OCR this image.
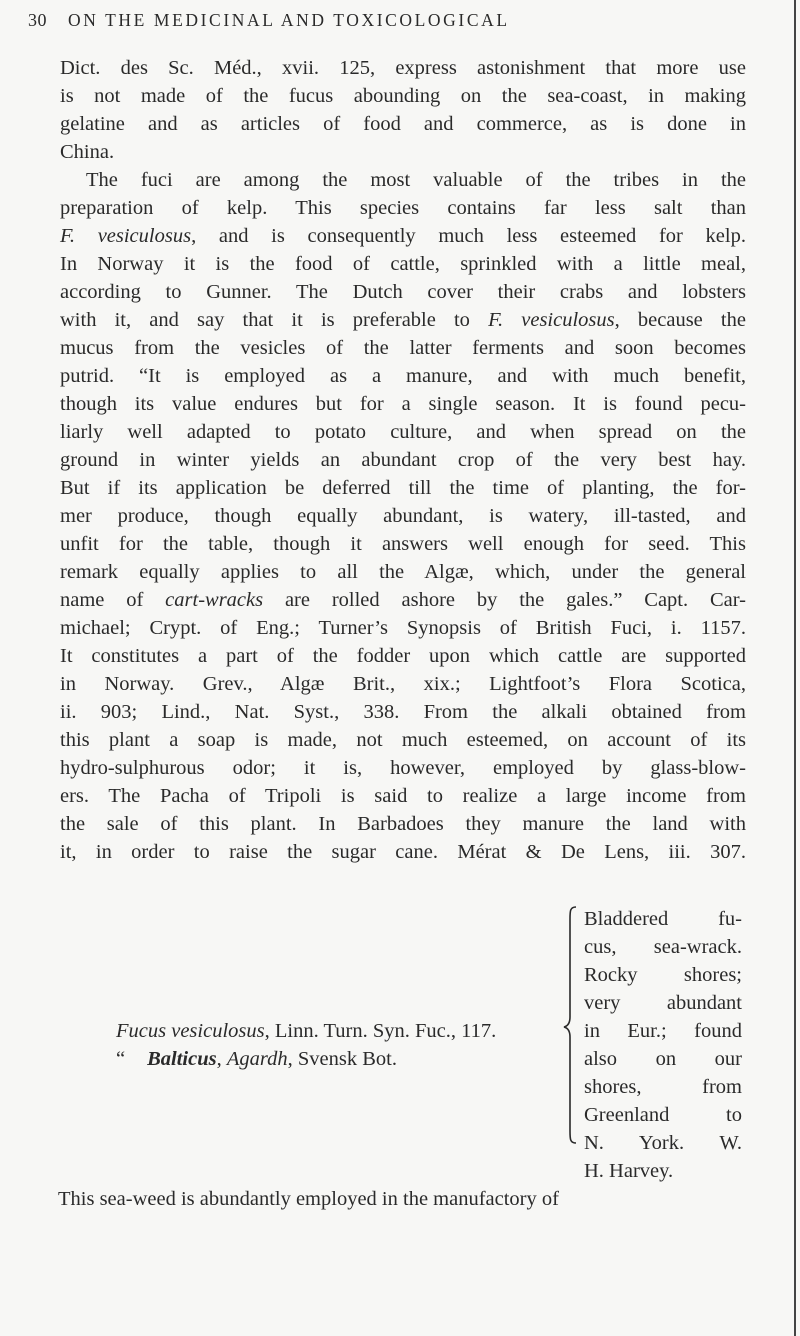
30 ON THE MEDICINAL AND TOXICOLOGICAL
Dict. des Sc. Méd., xvii. 125, express astonishment that more use
is not made of the fucus abounding on the sea-coast, in making
gelatine and as articles of food and commerce, as is done in
China.
The fuci are among the most valuable of the tribes in the
preparation of kelp. This species contains far less salt than
F. vesiculosus, and is consequently much less esteemed for kelp.
In Norway it is the food of cattle, sprinkled with a little meal,
according to Gunner. The Dutch cover their crabs and lobsters
with it, and say that it is preferable to F. vesiculosus, because the
mucus from the vesicles of the latter ferments and soon becomes
putrid. “It is employed as a manure, and with much benefit,
though its value endures but for a single season. It is found pecu-
liarly well adapted to potato culture, and when spread on the
ground in winter yields an abundant crop of the very best hay.
But if its application be deferred till the time of planting, the for-
mer produce, though equally abundant, is watery, ill-tasted, and
unfit for the table, though it answers well enough for seed. This
remark equally applies to all the Algæ, which, under the general
name of cart-wracks are rolled ashore by the gales.” Capt. Car-
michael; Crypt. of Eng.; Turner’s Synopsis of British Fuci, i. 1157.
It constitutes a part of the fodder upon which cattle are supported
in Norway. Grev., Algæ Brit., xix.; Lightfoot’s Flora Scotica,
ii. 903; Lind., Nat. Syst., 338. From the alkali obtained from
this plant a soap is made, not much esteemed, on account of its
hydro-sulphurous odor; it is, however, employed by glass-blow-
ers. The Pacha of Tripoli is said to realize a large income from
the sale of this plant. In Barbadoes they manure the land with
it, in order to raise the sugar cane. Mérat & De Lens, iii. 307.
Fucus vesiculosus, Linn. Turn. Syn. Fuc., 117.
“ Balticus, Agardh, Svensk Bot.
Bladdered fu-
cus, sea-wrack.
Rocky shores;
very abundant
in Eur.; found
also on our
shores, from
Greenland to
N. York. W.
H. Harvey.
This sea-weed is abundantly employed in the manufactory of
